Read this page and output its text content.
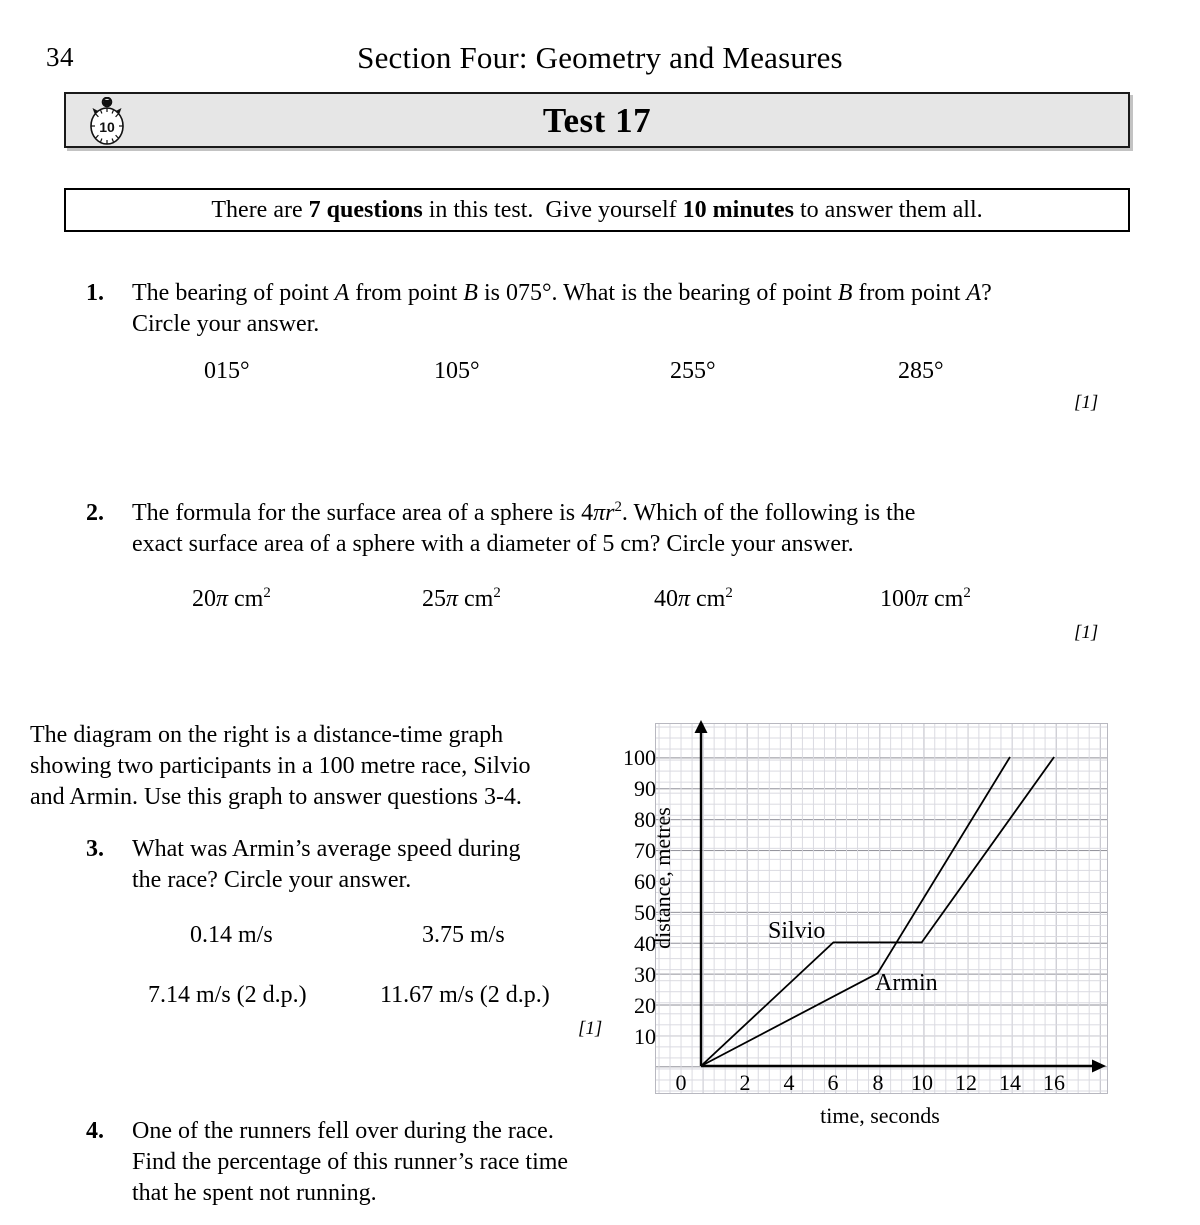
34	Section Four: Geometry and Measures
10	Test 17
There are 7 questions in this test.  Give yourself 10 minutes to answer them all.
1. The bearing of point A from point B is 075°. What is the bearing of point B from point A?
Circle your answer.
015°	105°	255°	285°
[1]
2. The formula for the surface area of a sphere is $4\pi r^2$. Which of the following is the
exact surface area of a sphere with a diameter of 5 cm? Circle your answer.
20π $cm^2$	25π $cm^2$	40π $cm^2$	100π $cm^2$
[1]
The diagram on the right is a distance-time graph
showing two participants in a 100 metre race, Silvio
and Armin. Use this graph to answer questions 3-4.
3. What was Armin’s average speed during
the race? Circle your answer.
0.14 m/s	3.75 m/s
7.14 m/s (2 d.p.)	11.67 m/s (2 d.p.)
[1]
4. One of the runners fell over during the race.
Find the percentage of this runner’s race time
that he spent not running.
100
90
80
70
60
50
40
30
20
10
0	2	4	6	8	10	12	14	16
distance, metres
time, seconds
Silvio
Armin
